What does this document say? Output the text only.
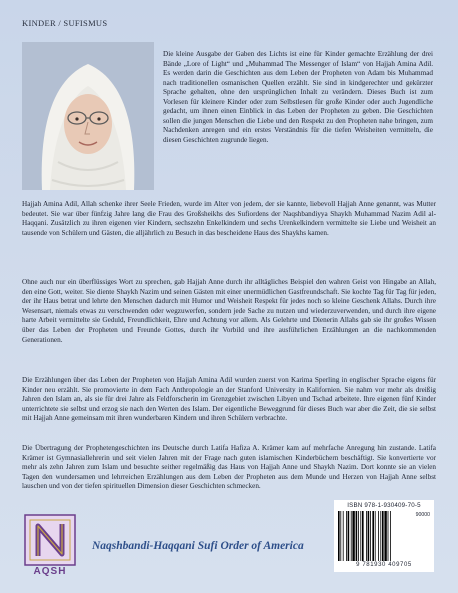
KINDER / SUFISMUS
Die kleine Ausgabe der Gaben des Lichts ist eine für Kinder gemachte Erzählung der drei Bände „Lore of Light“ und „Muhammad The Messenger of Islam“ von Hajjah Amina Adil. Es werden darin die Geschichten aus dem Leben der Propheten von Adam bis Muhammad nach traditionellen osmanischen Quellen erzählt. Sie sind in kindgerechter und gekürzter Sprache gehalten, ohne den ursprünglichen Inhalt zu verändern. Dieses Buch ist zum Vorlesen für kleinere Kinder oder zum Selbstlesen für große Kinder oder auch Jugendliche gedacht, um ihnen einen Einblick in das Leben der Propheten zu geben. Die Geschichten sollen die jungen Menschen die Liebe und den Respekt zu den Propheten nahe bringen, zum Nachdenken anregen und ein erstes Verständnis für die tiefen Weisheiten vermitteln, die diesen Geschichten zugrunde liegen.
Hajjah Amina Adil, Allah schenke ihrer Seele Frieden, wurde im Alter von jedem, der sie kannte, liebevoll Hajjah Anne genannt, was Mutter bedeutet. Sie war über fünfzig Jahre lang die Frau des Großsheikhs des Sufiordens der Naqshbandiyya Shaykh Muhammad Nazim Adil al-Haqqani. Zusätzlich zu ihren eigenen vier Kindern, sechszehn Enkelkindern und sechs Urenkelkindern vermittelte sie Liebe und Weisheit an tausende von Schülern und Gästen, die alljährlich zu Besuch in das bescheidene Haus des Shaykhs kamen.
Ohne auch nur ein überflüssiges Wort zu sprechen, gab Hajjah Anne durch ihr alltägliches Beispiel den wahren Geist von Hingabe an Allah, den eine Gott, weiter. Sie diente Shaykh Nazim und seinen Gästen mit einer unermüdlichen Gastfreundschaft. Sie kochte Tag für Tag für jeden, der ihr Haus betrat und lehrte den Menschen dadurch mit Humor und Weisheit Respekt für jedes noch so kleine Geschenk Allahs. Durch ihre Wesensart, niemals etwas zu verschwenden oder wegzuwerfen, sondern jede Sache zu nutzen und wiederzuverwenden, und durch ihre eigene harte Arbeit vermittelte sie Geduld, Freundlichkeit, Ehre und Achtung vor allem. Als Gelehrte und Dienerin Allahs gab sie ihr großes Wissen über das Leben der Propheten und Freunde Gottes, durch ihr Vorbild und ihre ausführlichen Erzählungen an die nachkommenden Generationen.
Die Erzählungen über das Leben der Propheten von Hajjah Amina Adil wurden zuerst von Karima Sperling in englischer Sprache eigens für Kinder neu erzählt. Sie promovierte in dem Fach Anthropologie an der Stanford University in Kalifornien. Sie nahm vor mehr als dreißig Jahren den Islam an, als sie für drei Jahre als Feldforscherin im Grenzgebiet zwischen Libyen und Tschad arbeitete. Ihre eigenen fünf Kinder unterrichtete sie selbst und erzog sie nach den Werten des Islam. Der eigentliche Beweggrund für dieses Buch war aber die Zeit, die sie selbst mit Hajjah Anne gemeinsam mit ihren wunderbaren Kindern und ihren Schülern verbrachte.
Die Übertragung der Prophetengeschichten ins Deutsche durch Latifa Hafiza A. Krämer kam auf mehrfache Anregung hin zustande. Latifa Krämer ist Gymnasiallehrerin und seit vielen Jahren mit der Frage nach guten islamischen Kinderbüchern beschäftigt. Sie konvertierte vor mehr als zehn Jahren zum Islam und besuchte seither regelmäßig das Haus von Hajjah Anne und Shaykh Nazim. Dort konnte sie an vielen Tagen den wundersamen und lehrreichen Erzählungen aus dem Leben der Propheten aus dem Munde und Herzen von Hajjah Anne selbst lauschen und von der tiefen spirituellen Dimension dieser Geschichten schmecken.
AQSH
Naqshbandi-Haqqani Sufi Order of America
ISBN 978-1-930409-70-5
90000
9 781930 409705
